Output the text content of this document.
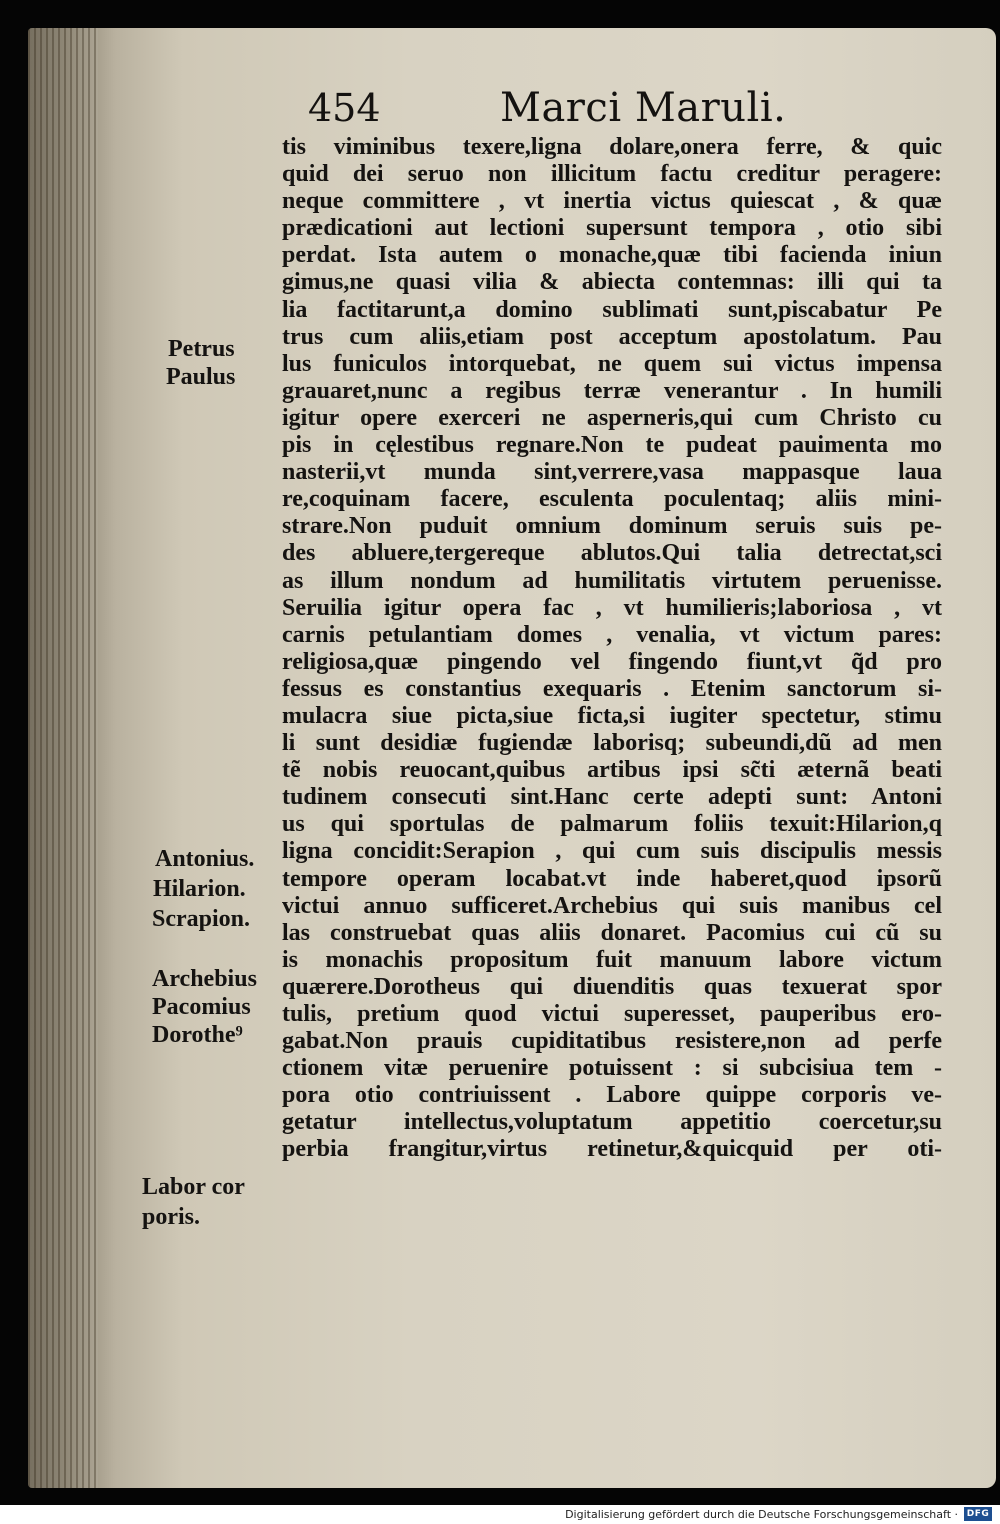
454	Marci Maruli.
tis viminibus texere,ligna dolare,onera ferre, & quic
quid dei seruo non illicitum factu creditur peragere:
neque committere , vt inertia victus quiescat , & quæ
prædicationi aut lectioni supersunt tempora , otio sibi
perdat. Ista autem o monache,quæ tibi facienda iniun
gimus,ne quasi vilia & abiecta contemnas: illi qui ta
lia factitarunt,a domino sublimati sunt,piscabatur Pe
trus cum aliis,etiam post acceptum apostolatum. Pau
lus funiculos intorquebat, ne quem sui victus impensa
grauaret,nunc a regibus terræ venerantur . In humili
igitur opere exerceri ne asperneris,qui cum Christo cu
pis in cęlestibus regnare.Non te pudeat pauimenta mo
nasterii,vt munda sint,verrere,vasa mappasque laua
re,coquinam facere, esculenta poculentaq; aliis mini-
strare.Non puduit omnium dominum seruis suis pe-
des abluere,tergereque ablutos.Qui talia detrectat,sci
as illum nondum ad humilitatis virtutem peruenisse.
Seruilia igitur opera fac , vt humilieris;laboriosa , vt
carnis petulantiam domes , venalia, vt victum pares:
religiosa,quæ pingendo vel fingendo fiunt,vt q̃d pro
fessus es constantius exequaris . Etenim sanctorum si-
mulacra siue picta,siue ficta,si iugiter spectetur, stimu
li sunt desidiæ fugiendæ laborisq; subeundi,dũ ad men
tẽ nobis reuocant,quibus artibus ipsi sc̃ti æternã beati
tudinem consecuti sint.Hanc certe adepti sunt: Antoni
us qui sportulas de palmarum foliis texuit:Hilarion,q
ligna concidit:Serapion , qui cum suis discipulis messis
tempore operam locabat.vt inde haberet,quod ipsorũ
victui annuo sufficeret.Archebius qui suis manibus cel
las construebat quas aliis donaret. Pacomius cui cũ su
is monachis propositum fuit manuum labore victum
quærere.Dorotheus qui diuenditis quas texuerat spor
tulis, pretium quod victui superesset, pauperibus ero-
gabat.Non prauis cupiditatibus resistere,non ad perfe
ctionem vitæ peruenire potuissent : si subcisiua tem -
pora otio contriuissent . Labore quippe corporis ve-
getatur intellectus,voluptatum appetitio coercetur,su
perbia frangitur,virtus retinetur,&quicquid per oti-
Petrus
Paulus
Antonius.
Hilarion.
Scrapion.
Archebius
Pacomius
Dorothe⁹
Labor cor
poris.
Digitalisierung gefördert durch die Deutsche Forschungsgemeinschaft · DFG
